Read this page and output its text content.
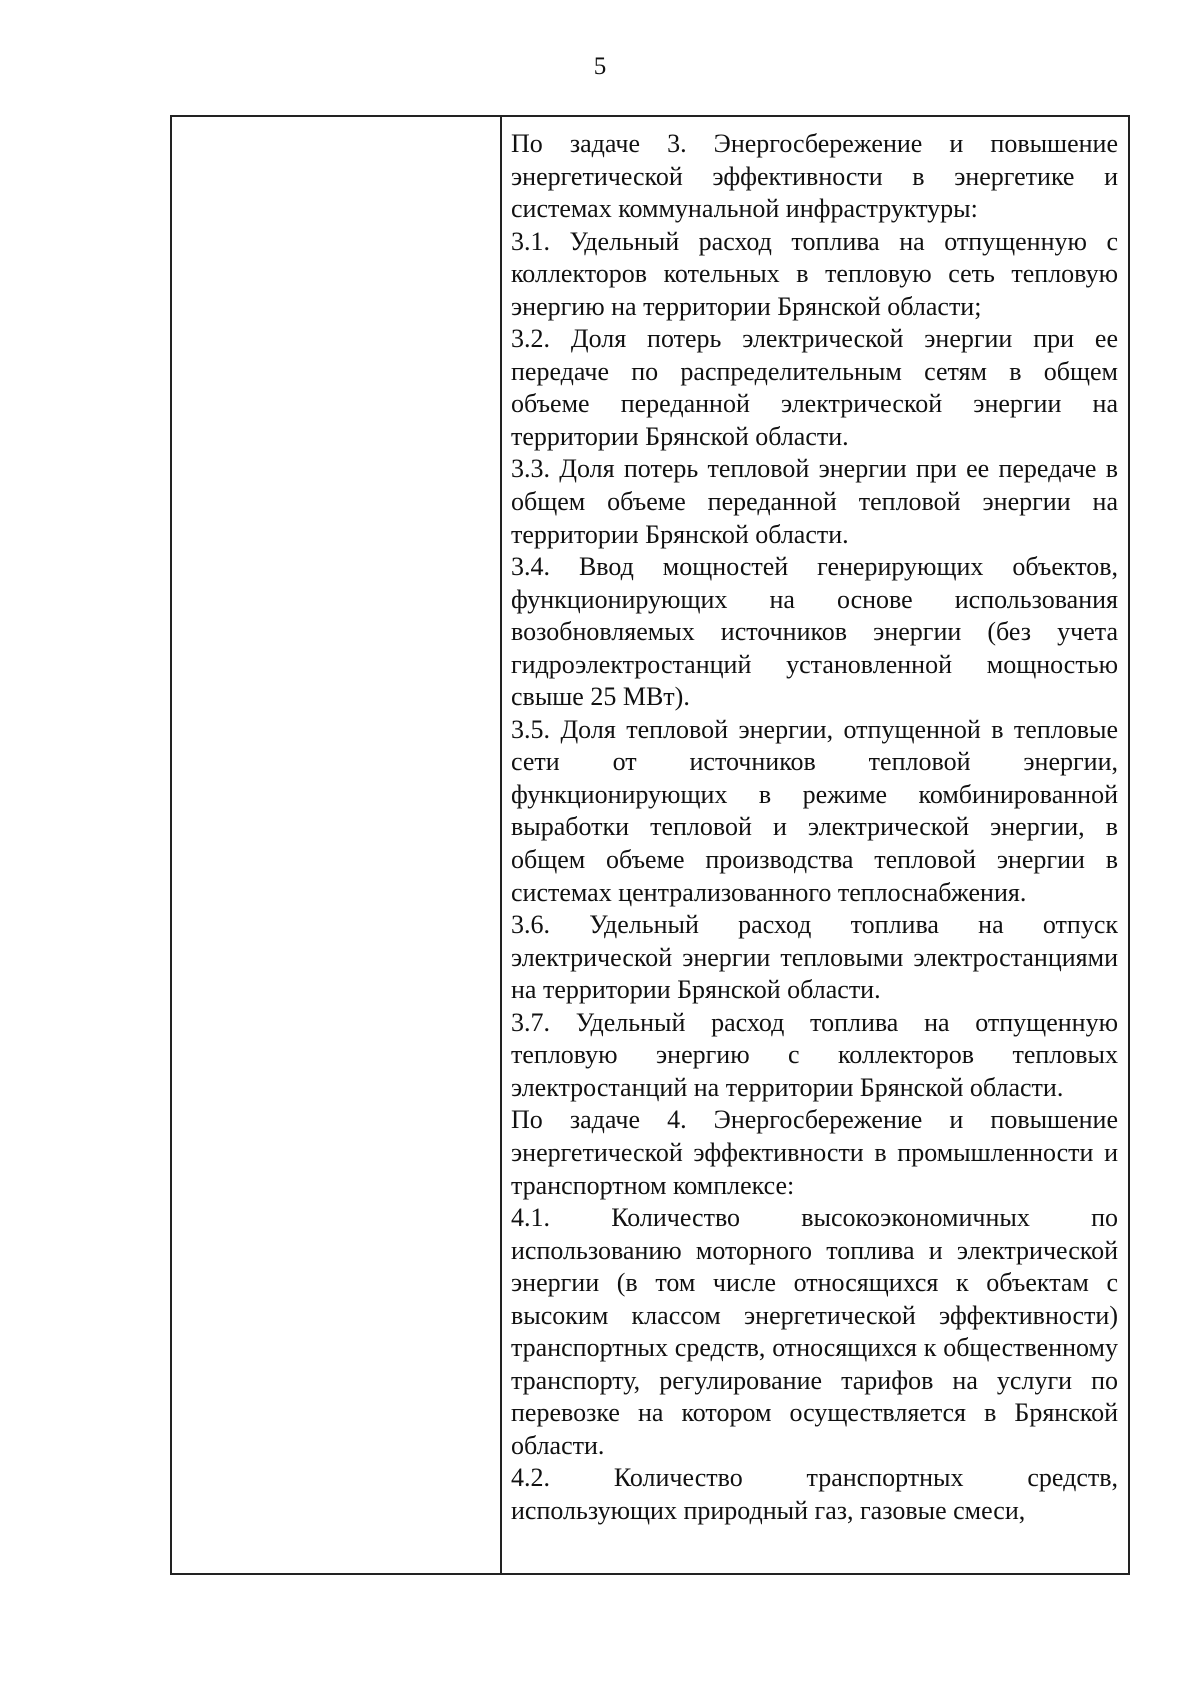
5

По задаче 3. Энергосбережение и повышение энергетической эффективности в энергетике и системах коммунальной инфраструктуры:

3.1. Удельный расход топлива на отпущенную с коллекторов котельных в тепловую сеть тепловую энергию на территории Брянской области;

3.2. Доля потерь электрической энергии при ее передаче по распределительным сетям в общем объеме переданной электрической энергии на территории Брянской области.

3.3. Доля потерь тепловой энергии при ее передаче в общем объеме переданной тепловой энергии на территории Брянской области.

3.4. Ввод мощностей генерирующих объектов, функционирующих на основе использования возобновляемых источников энергии (без учета гидроэлектростанций установленной мощностью свыше 25 МВт).

3.5. Доля тепловой энергии, отпущенной в тепловые сети от источников тепловой энергии, функционирующих в режиме комбинированной выработки тепловой и электрической энергии, в общем объеме производства тепловой энергии в системах централизованного теплоснабжения.

3.6. Удельный расход топлива на отпуск электрической энергии тепловыми электростанциями на территории Брянской области.

3.7. Удельный расход топлива на отпущенную тепловую энергию с коллекторов тепловых электростанций на территории Брянской области.

По задаче 4. Энергосбережение и повышение энергетической эффективности в промышленности и транспортном комплексе:

4.1. Количество высокоэкономичных по использованию моторного топлива и электрической энергии (в том числе относящихся к объектам с высоким классом энергетической эффективности) транспортных средств, относящихся к общественному транспорту, регулирование тарифов на услуги по перевозке на котором осуществляется в Брянской области.

4.2. Количество транспортных средств, использующих природный газ, газовые смеси,
